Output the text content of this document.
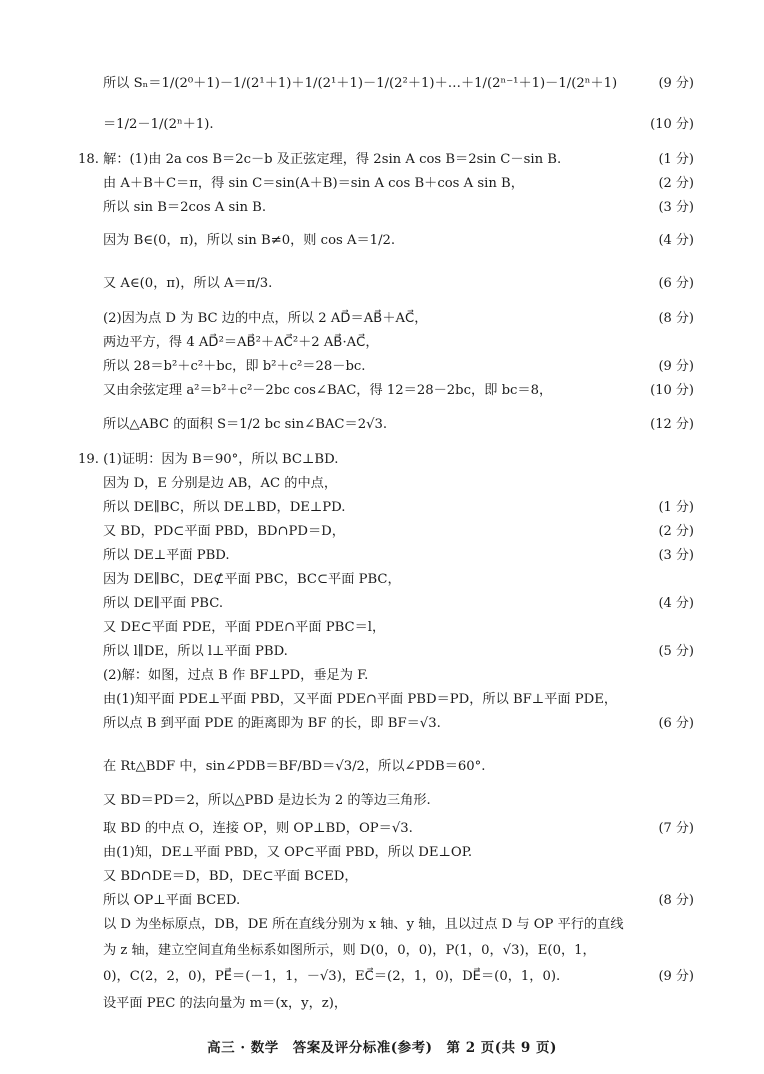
所以 Sₙ＝1/(2⁰＋1)－1/(2¹＋1)＋1/(2¹＋1)－1/(2²＋1)＋…＋1/(2ⁿ⁻¹＋1)－1/(2ⁿ＋1)	(9 分)
＝1/2－1/(2ⁿ＋1).	(10 分)
18. 解：(1)由 2a cos B＝2c－b 及正弦定理，得 2sin A cos B＝2sin C－sin B.	(1 分)
由 A＋B＋C＝π，得 sin C＝sin(A＋B)＝sin A cos B＋cos A sin B，	(2 分)
所以 sin B＝2cos A sin B.	(3 分)
因为 B∈(0，π)，所以 sin B≠0，则 cos A＝1/2.	(4 分)
又 A∈(0，π)，所以 A＝π/3.	(6 分)
(2)因为点 D 为 BC 边的中点，所以 2 AD⃗＝AB⃗＋AC⃗，	(8 分)
两边平方，得 4 AD⃗²＝AB⃗²＋AC⃗²＋2 AB⃗·AC⃗，
所以 28＝b²＋c²＋bc，即 b²＋c²＝28－bc.	(9 分)
又由余弦定理 a²＝b²＋c²－2bc cos∠BAC，得 12＝28－2bc，即 bc＝8，	(10 分)
所以△ABC 的面积 S＝1/2 bc sin∠BAC＝2√3.	(12 分)
19. (1)证明：因为 B＝90°，所以 BC⊥BD.
因为 D，E 分别是边 AB，AC 的中点，
所以 DE∥BC，所以 DE⊥BD，DE⊥PD.	(1 分)
又 BD，PD⊂平面 PBD，BD∩PD＝D，	(2 分)
所以 DE⊥平面 PBD.	(3 分)
因为 DE∥BC，DE⊄平面 PBC，BC⊂平面 PBC，
所以 DE∥平面 PBC.	(4 分)
又 DE⊂平面 PDE，平面 PDE∩平面 PBC＝l，
所以 l∥DE，所以 l⊥平面 PBD.	(5 分)
(2)解：如图，过点 B 作 BF⊥PD，垂足为 F.
由(1)知平面 PDE⊥平面 PBD，又平面 PDE∩平面 PBD＝PD，所以 BF⊥平面 PDE，
所以点 B 到平面 PDE 的距离即为 BF 的长，即 BF＝√3.	(6 分)
在 Rt△BDF 中，sin∠PDB＝BF/BD＝√3/2，所以∠PDB＝60°.
又 BD＝PD＝2，所以△PBD 是边长为 2 的等边三角形.
取 BD 的中点 O，连接 OP，则 OP⊥BD，OP＝√3.	(7 分)
由(1)知，DE⊥平面 PBD，又 OP⊂平面 PBD，所以 DE⊥OP.
又 BD∩DE＝D，BD，DE⊂平面 BCED，
所以 OP⊥平面 BCED.	(8 分)
以 D 为坐标原点，DB，DE 所在直线分别为 x 轴、y 轴，且以过点 D 与 OP 平行的直线
为 z 轴，建立空间直角坐标系如图所示，则 D(0，0，0)，P(1，0，√3)，E(0，1，
0)，C(2，2，0)，PE⃗＝(－1，1，－√3)，EC⃗＝(2，1，0)，DE⃗＝(0，1，0).	(9 分)
设平面 PEC 的法向量为 m＝(x，y，z)，
高三 · 数学　答案及评分标准(参考)　第 2 页(共 9 页)
